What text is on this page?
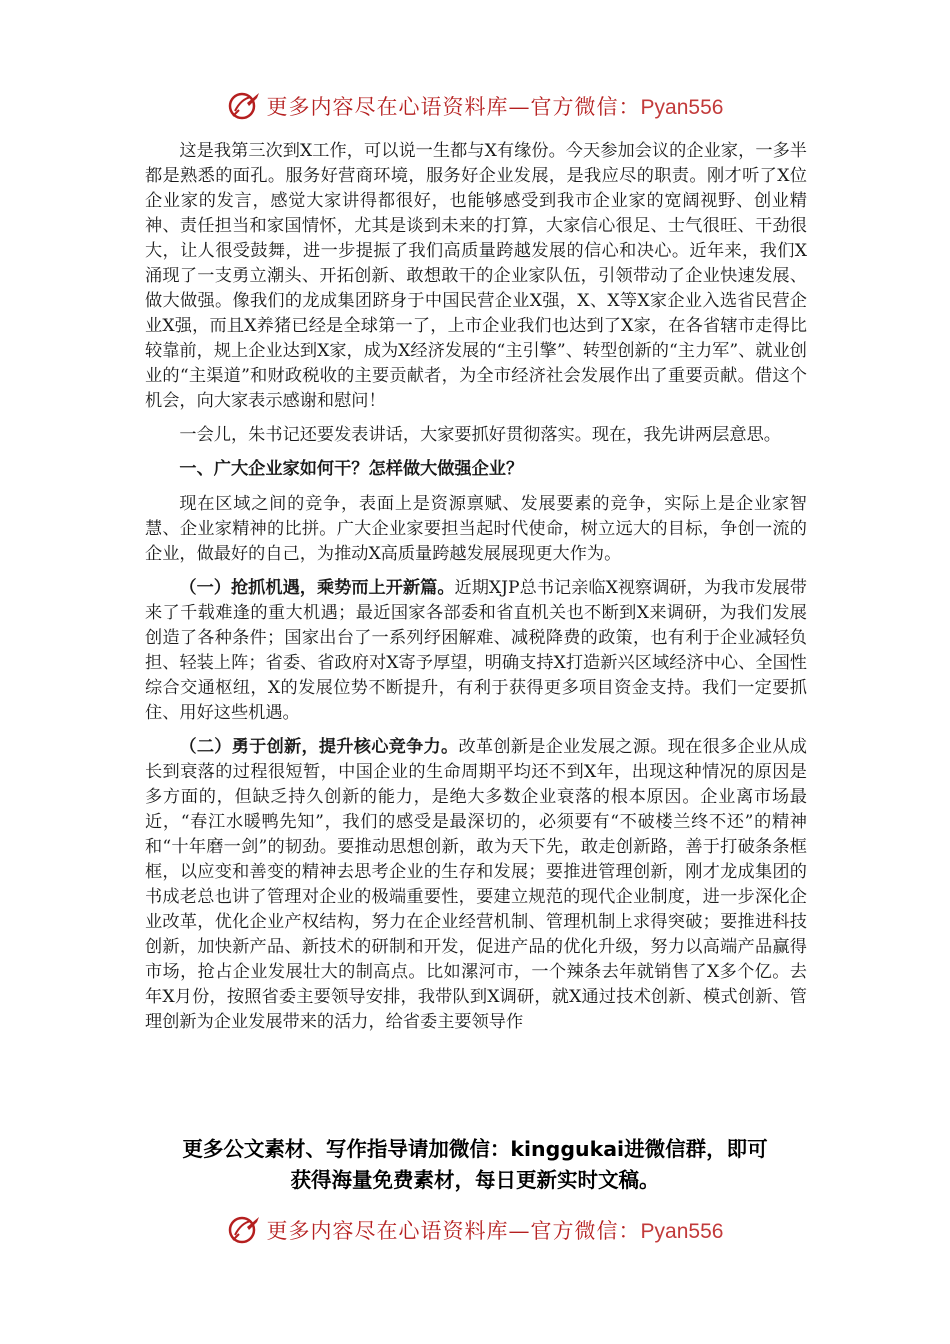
更多内容尽在心语资料库—官方微信：Pyan556

这是我第三次到X工作，可以说一生都与X有缘份。今天参加会议的企业家，一多半都是熟悉的面孔。服务好营商环境，服务好企业发展，是我应尽的职责。刚才听了X位企业家的发言，感觉大家讲得都很好，也能够感受到我市企业家的宽阔视野、创业精神、责任担当和家国情怀，尤其是谈到未来的打算，大家信心很足、士气很旺、干劲很大，让人很受鼓舞，进一步提振了我们高质量跨越发展的信心和决心。近年来，我们X涌现了一支勇立潮头、开拓创新、敢想敢干的企业家队伍，引领带动了企业快速发展、做大做强。像我们的龙成集团跻身于中国民营企业X强，X、X等X家企业入选省民营企业X强，而且X养猪已经是全球第一了，上市企业我们也达到了X家，在各省辖市走得比较靠前，规上企业达到X家，成为X经济发展的“主引擎”、转型创新的“主力军”、就业创业的“主渠道”和财政税收的主要贡献者，为全市经济社会发展作出了重要贡献。借这个机会，向大家表示感谢和慰问！

一会儿，朱书记还要发表讲话，大家要抓好贯彻落实。现在，我先讲两层意思。

一、广大企业家如何干？怎样做大做强企业？

现在区域之间的竞争，表面上是资源禀赋、发展要素的竞争，实际上是企业家智慧、企业家精神的比拼。广大企业家要担当起时代使命，树立远大的目标，争创一流的企业，做最好的自己，为推动X高质量跨越发展展现更大作为。

（一）抢抓机遇，乘势而上开新篇。近期XJP总书记亲临X视察调研，为我市发展带来了千载难逢的重大机遇；最近国家各部委和省直机关也不断到X来调研，为我们发展创造了各种条件；国家出台了一系列纾困解难、减税降费的政策，也有利于企业减轻负担、轻装上阵；省委、省政府对X寄予厚望，明确支持X打造新兴区域经济中心、全国性综合交通枢纽，X的发展位势不断提升，有利于获得更多项目资金支持。我们一定要抓住、用好这些机遇。

（二）勇于创新，提升核心竞争力。改革创新是企业发展之源。现在很多企业从成长到衰落的过程很短暂，中国企业的生命周期平均还不到X年，出现这种情况的原因是多方面的，但缺乏持久创新的能力，是绝大多数企业衰落的根本原因。企业离市场最近，“春江水暖鸭先知”，我们的感受是最深切的，必须要有“不破楼兰终不还”的精神和“十年磨一剑”的韧劲。要推动思想创新，敢为天下先，敢走创新路，善于打破条条框框，以应变和善变的精神去思考企业的生存和发展；要推进管理创新，刚才龙成集团的书成老总也讲了管理对企业的极端重要性，要建立规范的现代企业制度，进一步深化企业改革，优化企业产权结构，努力在企业经营机制、管理机制上求得突破；要推进科技创新，加快新产品、新技术的研制和开发，促进产品的优化升级，努力以高端产品赢得市场，抢占企业发展壮大的制高点。比如漯河市，一个辣条去年就销售了X多个亿。去年X月份，按照省委主要领导安排，我带队到X调研，就X通过技术创新、模式创新、管理创新为企业发展带来的活力，给省委主要领导作

更多公文素材、写作指导请加微信：kinggukai进微信群，即可
获得海量免费素材，每日更新实时文稿。
更多内容尽在心语资料库—官方微信：Pyan556
